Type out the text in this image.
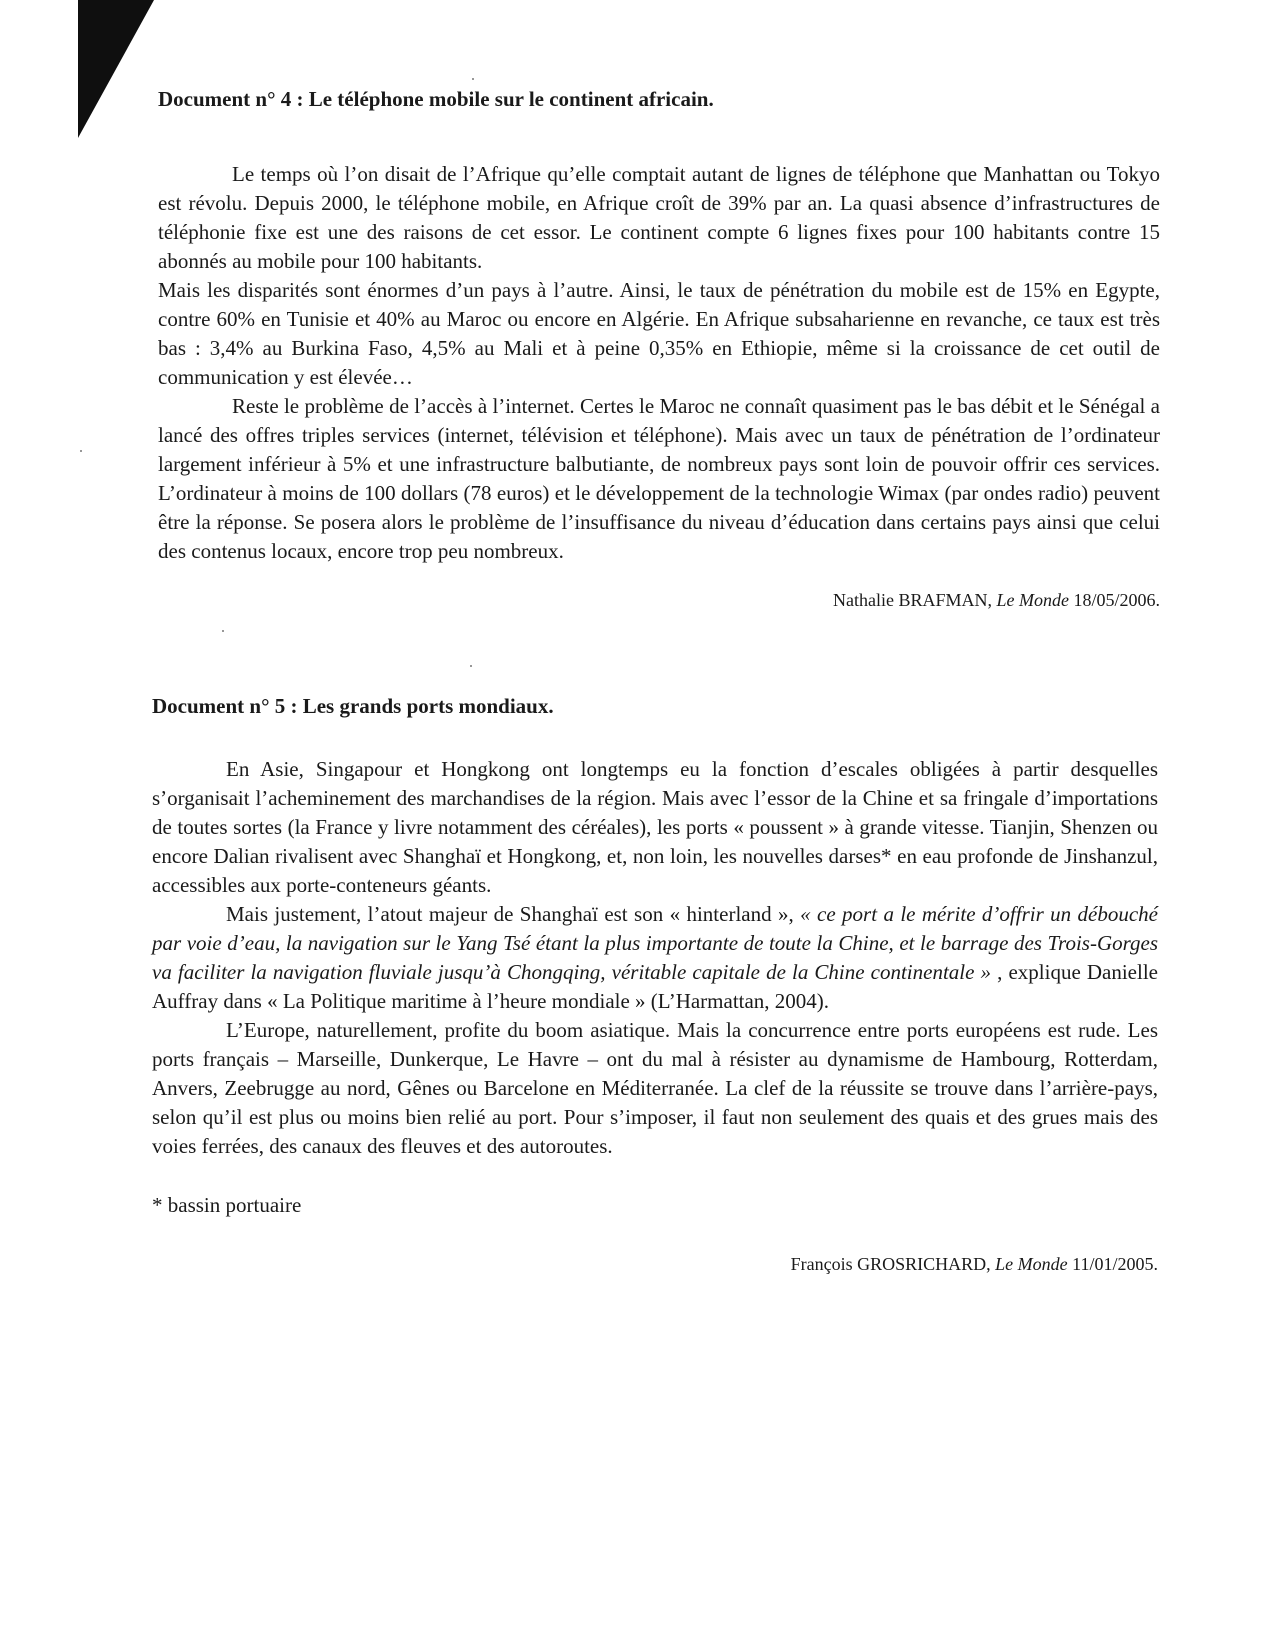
Document n° 4 : Le téléphone mobile sur le continent africain.

Le temps où l’on disait de l’Afrique qu’elle comptait autant de lignes de téléphone que Manhattan ou Tokyo est révolu. Depuis 2000, le téléphone mobile, en Afrique croît de 39% par an. La quasi absence d’infrastructures de téléphonie fixe est une des raisons de cet essor. Le continent compte 6 lignes fixes pour 100 habitants contre 15 abonnés au mobile pour 100 habitants.

Mais les disparités sont énormes d’un pays à l’autre. Ainsi, le taux de pénétration du mobile est de 15% en Egypte, contre 60% en Tunisie et 40% au Maroc ou encore en Algérie. En Afrique subsaharienne en revanche, ce taux est très bas : 3,4% au Burkina Faso, 4,5% au Mali et à peine 0,35% en Ethiopie, même si la croissance de cet outil de communication y est élevée…

Reste le problème de l’accès à l’internet. Certes le Maroc ne connaît quasiment pas le bas débit et le Sénégal a lancé des offres triples services (internet, télévision et téléphone). Mais avec un taux de pénétration de l’ordinateur largement inférieur à 5% et une infrastructure balbutiante, de nombreux pays sont loin de pouvoir offrir ces services. L’ordinateur à moins de 100 dollars (78 euros) et le développement de la technologie Wimax (par ondes radio) peuvent être la réponse. Se posera alors le problème de l’insuffisance du niveau d’éducation dans certains pays ainsi que celui des contenus locaux, encore trop peu nombreux.

Nathalie BRAFMAN, Le Monde 18/05/2006.

Document n° 5 : Les grands ports mondiaux.

En Asie, Singapour et Hongkong ont longtemps eu la fonction d’escales obligées à partir desquelles s’organisait l’acheminement des marchandises de la région. Mais avec l’essor de la Chine et sa fringale d’importations de toutes sortes (la France y livre notamment des céréales), les ports « poussent » à grande vitesse. Tianjin, Shenzen ou encore Dalian rivalisent avec Shanghaï et Hongkong, et, non loin, les nouvelles darses* en eau profonde de Jinshanzul, accessibles aux porte-conteneurs géants.

Mais justement, l’atout majeur de Shanghaï est son « hinterland », « ce port a le mérite d’offrir un débouché par voie d’eau, la navigation sur le Yang Tsé étant la plus importante de toute la Chine, et le barrage des Trois-Gorges va faciliter la navigation fluviale jusqu’à Chongqing, véritable capitale de la Chine continentale » , explique Danielle Auffray dans « La Politique maritime à l’heure mondiale » (L’Harmattan, 2004).

L’Europe, naturellement, profite du boom asiatique. Mais la concurrence entre ports européens est rude. Les ports français – Marseille, Dunkerque, Le Havre – ont du mal à résister au dynamisme de Hambourg, Rotterdam, Anvers, Zeebrugge au nord, Gênes ou Barcelone en Méditerranée. La clef de la réussite se trouve dans l’arrière-pays, selon qu’il est plus ou moins bien relié au port. Pour s’imposer, il faut non seulement des quais et des grues mais des voies ferrées, des canaux des fleuves et des autoroutes.

* bassin portuaire

François GROSRICHARD, Le Monde 11/01/2005.
